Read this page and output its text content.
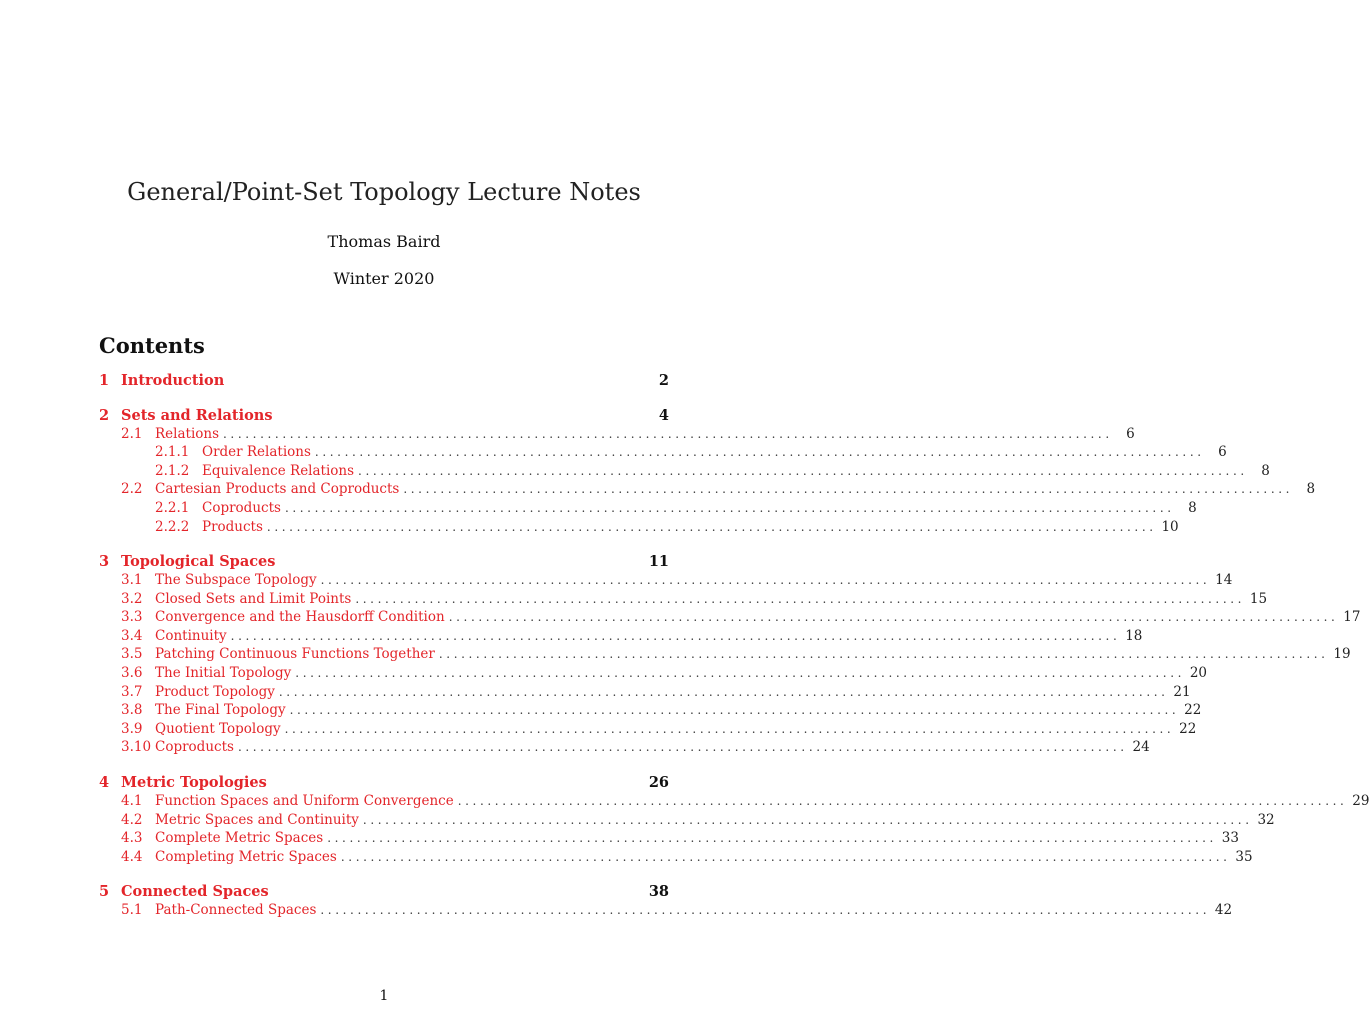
General/Point-Set Topology Lecture Notes
Thomas Baird
Winter 2020
Contents
1 Introduction	2
2 Sets and Relations	4
2.1 Relations ........................................................................................................................ 6
2.1.1 Order Relations ........................................................................................................................ 6
2.1.2 Equivalence Relations ........................................................................................................................ 8
2.2 Cartesian Products and Coproducts ........................................................................................................................ 8
2.2.1 Coproducts ........................................................................................................................ 8
2.2.2 Products ........................................................................................................................ 10
3 Topological Spaces	11
3.1 The Subspace Topology ........................................................................................................................ 14
3.2 Closed Sets and Limit Points ........................................................................................................................ 15
3.3 Convergence and the Hausdorff Condition ........................................................................................................................ 17
3.4 Continuity ........................................................................................................................ 18
3.5 Patching Continuous Functions Together ........................................................................................................................ 19
3.6 The Initial Topology ........................................................................................................................ 20
3.7 Product Topology ........................................................................................................................ 21
3.8 The Final Topology ........................................................................................................................ 22
3.9 Quotient Topology ........................................................................................................................ 22
3.10 Coproducts ........................................................................................................................ 24
4 Metric Topologies	26
4.1 Function Spaces and Uniform Convergence ........................................................................................................................ 29
4.2 Metric Spaces and Continuity ........................................................................................................................ 32
4.3 Complete Metric Spaces ........................................................................................................................ 33
4.4 Completing Metric Spaces ........................................................................................................................ 35
5 Connected Spaces	38
5.1 Path-Connected Spaces ........................................................................................................................ 42
1
